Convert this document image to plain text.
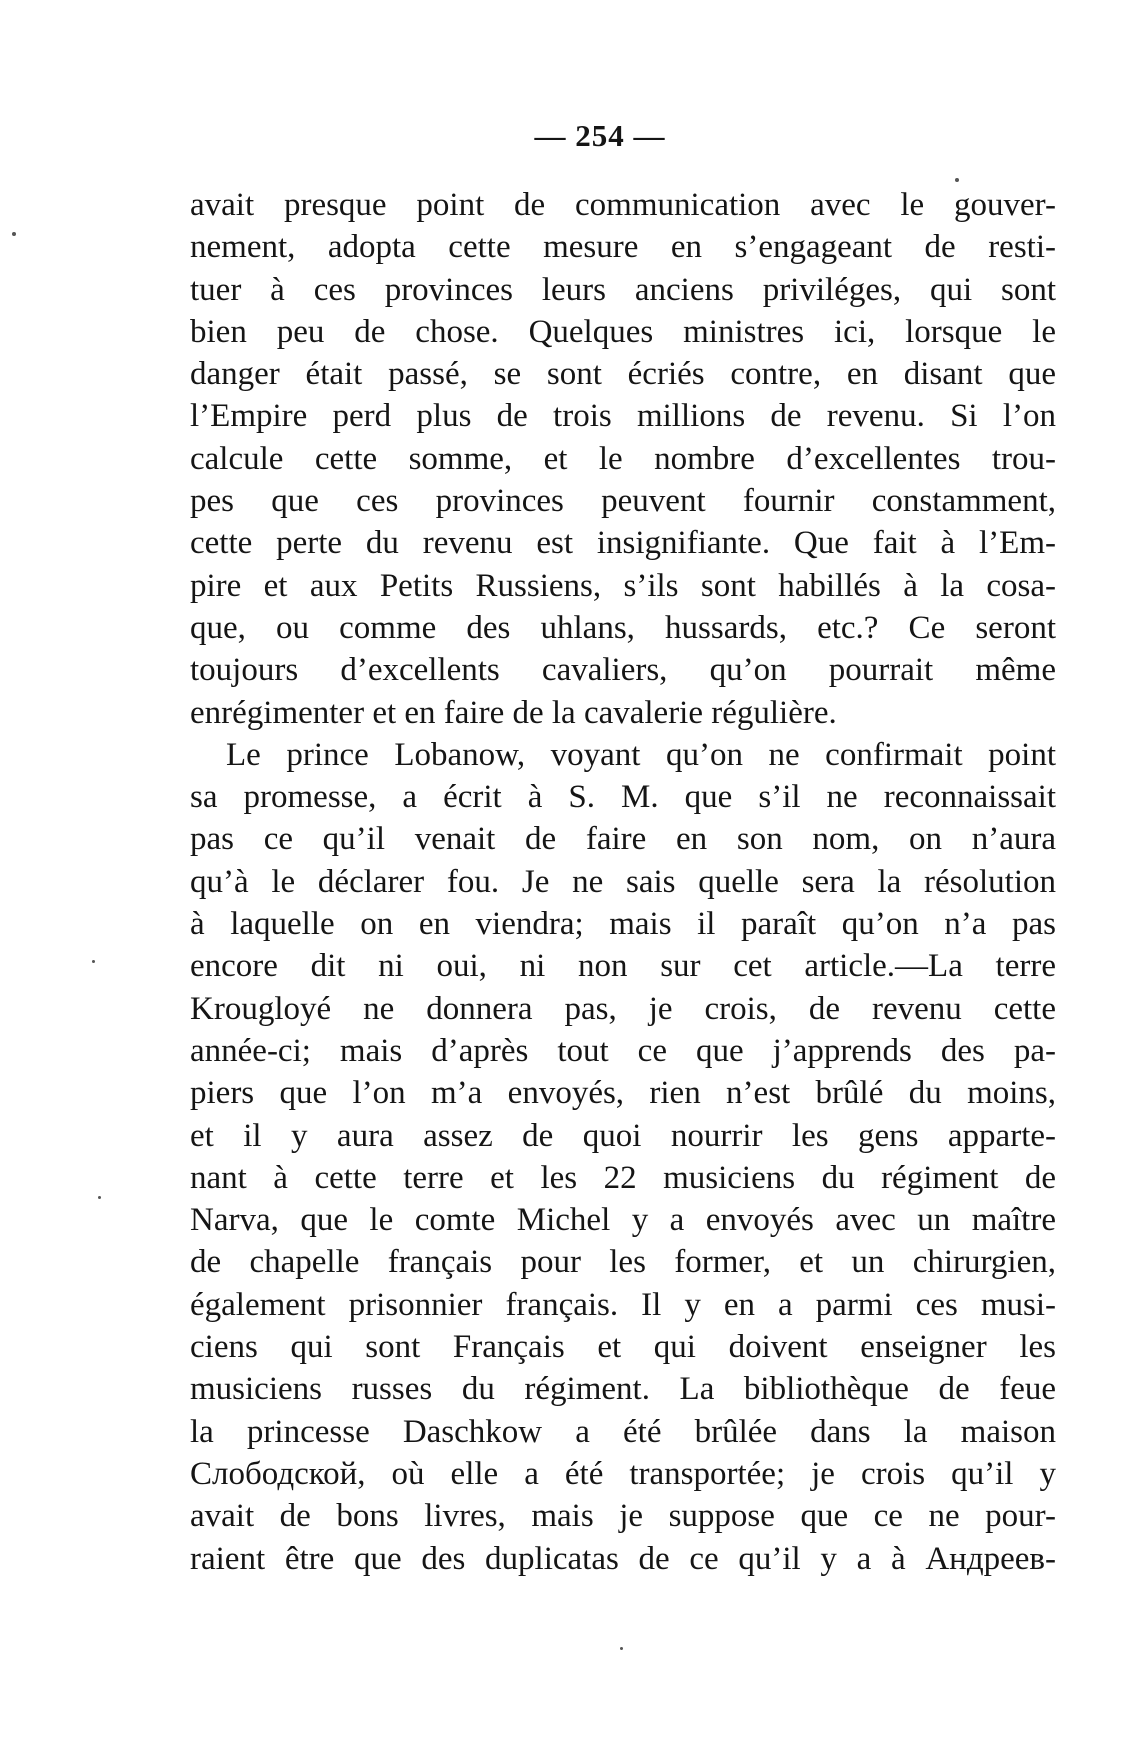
— 254 —
avait presque point de communication avec le gouver-
nement, adopta cette mesure en s’engageant de resti-
tuer à ces provinces leurs anciens priviléges, qui sont
bien peu de chose. Quelques ministres ici, lorsque le
danger était passé, se sont écriés contre, en disant que
l’Empire perd plus de trois millions de revenu. Si l’on
calcule cette somme, et le nombre d’excellentes trou-
pes que ces provinces peuvent fournir constamment,
cette perte du revenu est insignifiante. Que fait à l’Em-
pire et aux Petits Russiens, s’ils sont habillés à la cosa-
que, ou comme des uhlans, hussards, etc.? Ce seront
toujours d’excellents cavaliers, qu’on pourrait même
enrégimenter et en faire de la cavalerie régulière.
Le prince Lobanow, voyant qu’on ne confirmait point
sa promesse, a écrit à S. M. que s’il ne reconnaissait
pas ce qu’il venait de faire en son nom, on n’aura
qu’à le déclarer fou. Je ne sais quelle sera la résolution
à laquelle on en viendra; mais il paraît qu’on n’a pas
encore dit ni oui, ni non sur cet article.—La terre
Krougloyé ne donnera pas, je crois, de revenu cette
année-ci; mais d’après tout ce que j’apprends des pa-
piers que l’on m’a envoyés, rien n’est brûlé du moins,
et il y aura assez de quoi nourrir les gens apparte-
nant à cette terre et les 22 musiciens du régiment de
Narva, que le comte Michel y a envoyés avec un maître
de chapelle français pour les former, et un chirurgien,
également prisonnier français. Il y en a parmi ces musi-
ciens qui sont Français et qui doivent enseigner les
musiciens russes du régiment. La bibliothèque de feue
la princesse Daschkow a été brûlée dans la maison
Слободской, où elle a été transportée; je crois qu’il y
avait de bons livres, mais je suppose que ce ne pour-
raient être que des duplicatas de ce qu’il y a à Андреев-
